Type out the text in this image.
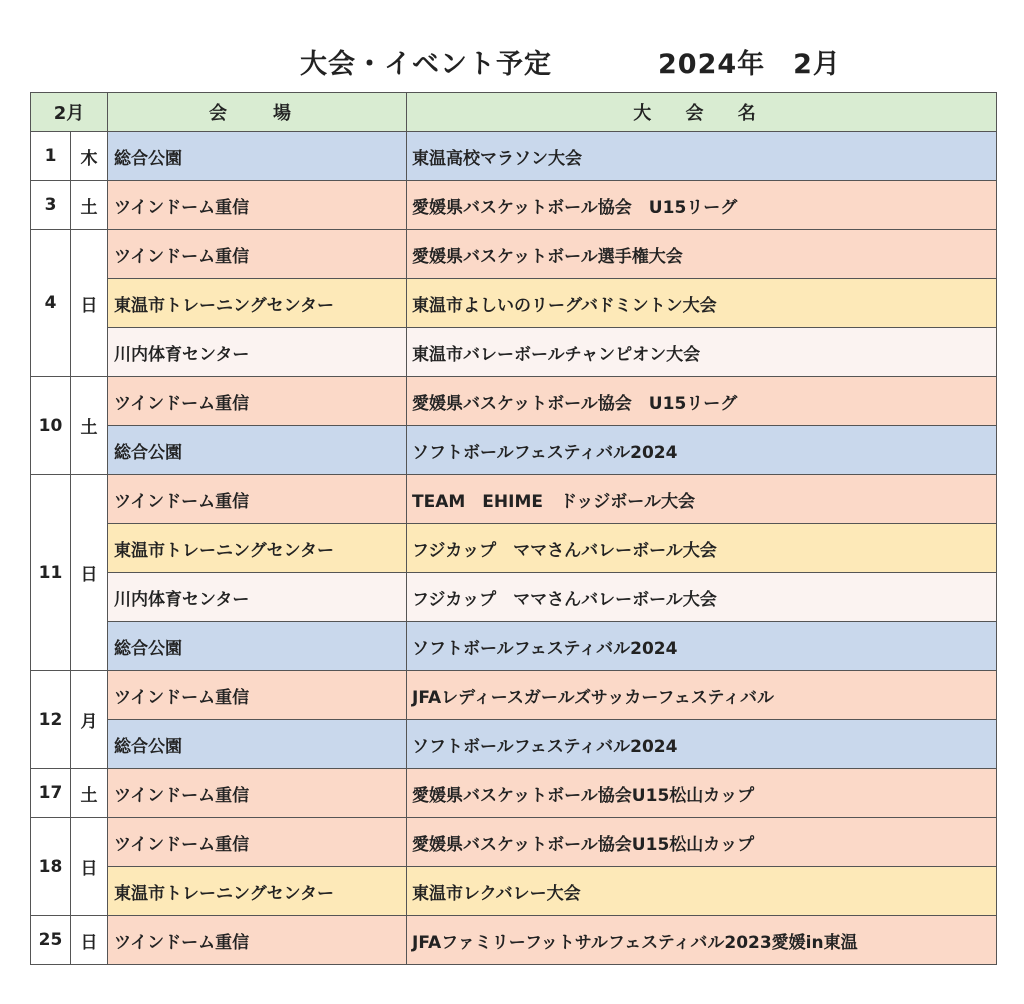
大会・イベント予定	2024年　2月
2月		会　場	大 会 名
1	木	総合公園	東温高校マラソン大会
3	土	ツインドーム重信	愛媛県バスケットボール協会　U15リーグ
4	日	ツインドーム重信	愛媛県バスケットボール選手権大会
		東温市トレーニングセンター	東温市よしいのリーグバドミントン大会
		川内体育センター	東温市バレーボールチャンピオン大会
10	土	ツインドーム重信	愛媛県バスケットボール協会　U15リーグ
		総合公園	ソフトボールフェスティバル2024
11	日	ツインドーム重信	TEAM　EHIME　ドッジボール大会
		東温市トレーニングセンター	フジカップ　ママさんバレーボール大会
		川内体育センター	フジカップ　ママさんバレーボール大会
		総合公園	ソフトボールフェスティバル2024
12	月	ツインドーム重信	JFAレディースガールズサッカーフェスティバル
		総合公園	ソフトボールフェスティバル2024
17	土	ツインドーム重信	愛媛県バスケットボール協会U15松山カップ
18	日	ツインドーム重信	愛媛県バスケットボール協会U15松山カップ
		東温市トレーニングセンター	東温市レクバレー大会
25	日	ツインドーム重信	JFAファミリーフットサルフェスティバル2023愛媛in東温
